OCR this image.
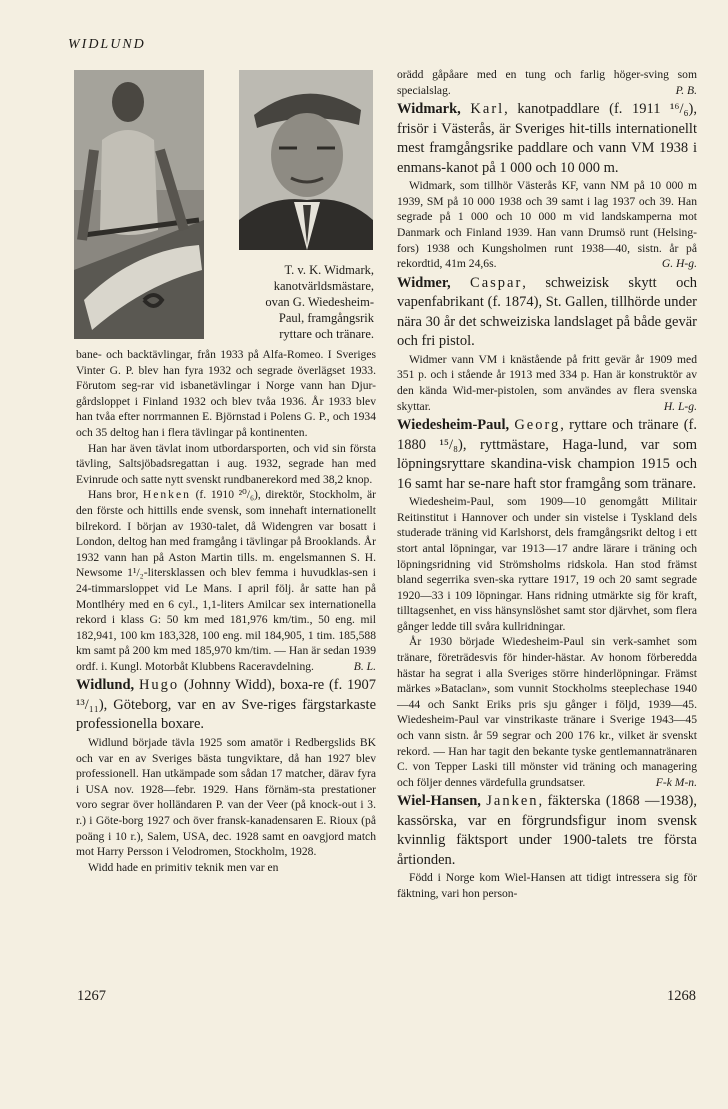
WIDLUND
T. v. K. Widmark,
kanotvärldsmästare,
ovan G. Wiedesheim-
Paul, framgångsrik
ryttare och tränare.

bane- och backtävlingar, från 1933 på Alfa-Romeo. I Sveriges Vinter G. P. blev han fyra 1932 och segrade överlägset 1933. Förutom seg-rar vid isbanetävlingar i Norge vann han Djur-gårdsloppet i Finland 1932 och blev tvåa 1936. År 1933 blev han tvåa efter norrmannen E. Björnstad i Polens G. P., och 1934 och 35 deltog han i flera tävlingar på kontinenten.

Han har även tävlat inom utbordarsporten, och vid sin första tävling, Saltsjöbadsregattan i aug. 1932, segrade han med Evinrude och satte nytt svenskt rundbanerekord med 38,2 knop.

Hans bror, Henken (f. 1910 ²⁰/₆), direktör, Stockholm, är den förste och hittills ende svensk, som innehaft internationellt bilrekord. I början av 1930-talet, då Widengren var bosatt i London, deltog han med framgång i tävlingar på Brooklands. År 1932 vann han på Aston Martin tills. m. engelsmannen S. H. Newsome 1¹/₂-litersklassen och blev femma i huvudklas-sen i 24-timmarsloppet vid Le Mans. I april följ. år satte han på Montlhéry med en 6 cyl., 1,1-liters Amilcar sex internationella rekord i klass G: 50 km med 181,976 km/tim., 50 eng. mil 182,941, 100 km 183,328, 100 eng. mil 184,905, 1 tim. 185,588 km samt på 200 km med 185,970 km/tim. — Han är sedan 1939 ordf. i. Kungl. Motorbåt Klubbens Raceravdelning.	B. L.

Widlund, Hugo (Johnny Widd), boxa-re (f. 1907 ¹³/₁₁), Göteborg, var en av Sve-riges färgstarkaste professionella boxare.

Widlund började tävla 1925 som amatör i Redbergslids BK och var en av Sveriges bästa tungviktare, då han 1927 blev professionell. Han utkämpade som sådan 17 matcher, därav fyra i USA nov. 1928—febr. 1929. Hans förnäm-sta prestationer voro segrar över holländaren P. van der Veer (på knock-out i 3. r.) i Göte-borg 1927 och över fransk-kanadensaren E. Rioux (på poäng i 10 r.), Salem, USA, dec. 1928 samt en oavgjord match mot Harry Persson i Velodromen, Stockholm, 1928.

Widd hade en primitiv teknik men var en

orädd gåpåare med en tung och farlig höger-sving som specialslag.	P. B.

Widmark, Karl, kanotpaddlare (f. 1911 ¹⁶/₆), frisör i Västerås, är Sveriges hit-tills internationellt mest framgångsrike paddlare och vann VM 1938 i enmans-kanot på 1 000 och 10 000 m.

Widmark, som tillhör Västerås KF, vann NM på 10 000 m 1939, SM på 10 000 1938 och 39 samt i lag 1937 och 39. Han segrade på 1 000 och 10 000 m vid landskamperna mot Danmark och Finland 1939. Han vann Drumsö runt (Helsing-fors) 1938 och Kungsholmen runt 1938—40, sistn. år på rekordtid, 41m 24,6s.	G. H-g.

Widmer, Caspar, schweizisk skytt och vapenfabrikant (f. 1874), St. Gallen, tillhörde under nära 30 år det schweiziska landslaget på både gevär och fri pistol.

Widmer vann VM i knästående på fritt gevär år 1909 med 351 p. och i stående år 1913 med 334 p. Han är konstruktör av den kända Wid-mer-pistolen, som användes av flera svenska skyttar.	H. L-g.

Wiedesheim-Paul, Georg, ryttare och tränare (f. 1880 ¹⁵/₈), ryttmästare, Haga-lund, var som löpningsryttare skandina-visk champion 1915 och 16 samt har se-nare haft stor framgång som tränare.

Wiedesheim-Paul, som 1909—10 genomgått Militair Reitinstitut i Hannover och under sin vistelse i Tyskland dels studerade träning vid Karlshorst, dels framgångsrikt deltog i ett stort antal löpningar, var 1913—17 andre lärare i träning och löpningsridning vid Strömsholms ridskola. Han stod främst bland segerrika sven-ska ryttare 1917, 19 och 20 samt segrade 1920—33 i 109 löpningar. Hans ridning utmärkte sig för kraft, tilltagsenhet, en viss hänsynslöshet samt stor djärvhet, som flera gånger ledde till svåra kullridningar.

År 1930 började Wiedesheim-Paul sin verk-samhet som tränare, företrädesvis för hinder-hästar. Av honom förberedda hästar ha segrat i alla Sveriges större hinderlöpningar. Främst märkes »Bataclan», som vunnit Stockholms steeplechase 1940—44 och Sankt Eriks pris sju gånger i följd, 1939—45. Wiedesheim-Paul var vinstrikaste tränare i Sverige 1943—45 och vann sistn. år 59 segrar och 200 176 kr., vilket är svenskt rekord. — Han har tagit den bekante tyske gentlemannatränaren C. von Tepper Laski till mönster vid träning och managering och följer dennes värdefulla grundsatser.	F-k M-n.

Wiel-Hansen, Janken, fäkterska (1868 —1938), kassörska, var en förgrundsfigur inom svensk kvinnlig fäktsport under 1900-talets tre första årtionden.

Född i Norge kom Wiel-Hansen att tidigt intressera sig för fäktning, vari hon person-

1267	1268
